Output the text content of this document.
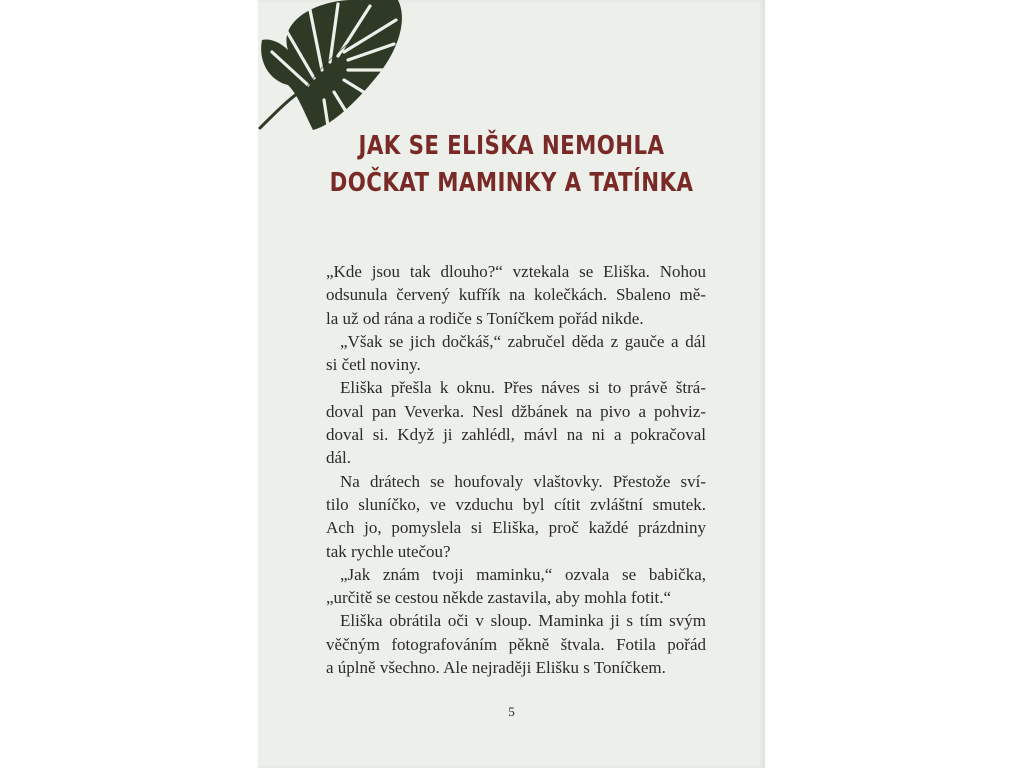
JAK SE ELIŠKA NEMOHLA
DOČKAT MAMINKY A TATÍNKA
„Kde jsou tak dlouho?“ vztekala se Eliška. Nohou
odsunula červený kufřík na kolečkách. Sbaleno mě-
la už od rána a rodiče s Toníčkem pořád nikde.
„Však se jich dočkáš,“ zabručel děda z gauče a dál
si četl noviny.
Eliška přešla k oknu. Přes náves si to právě štrá-
doval pan Veverka. Nesl džbánek na pivo a pohviz-
doval si. Když ji zahlédl, mávl na ni a pokračoval
dál.
Na drátech se houfovaly vlaštovky. Přestože sví-
tilo sluníčko, ve vzduchu byl cítit zvláštní smutek.
Ach jo, pomyslela si Eliška, proč každé prázdniny
tak rychle utečou?
„Jak znám tvoji maminku,“ ozvala se babička,
„určitě se cestou někde zastavila, aby mohla fotit.“
Eliška obrátila oči v sloup. Maminka ji s tím svým
věčným fotografováním pěkně štvala. Fotila pořád
a úplně všechno. Ale nejraději Elišku s Toníčkem.
5
